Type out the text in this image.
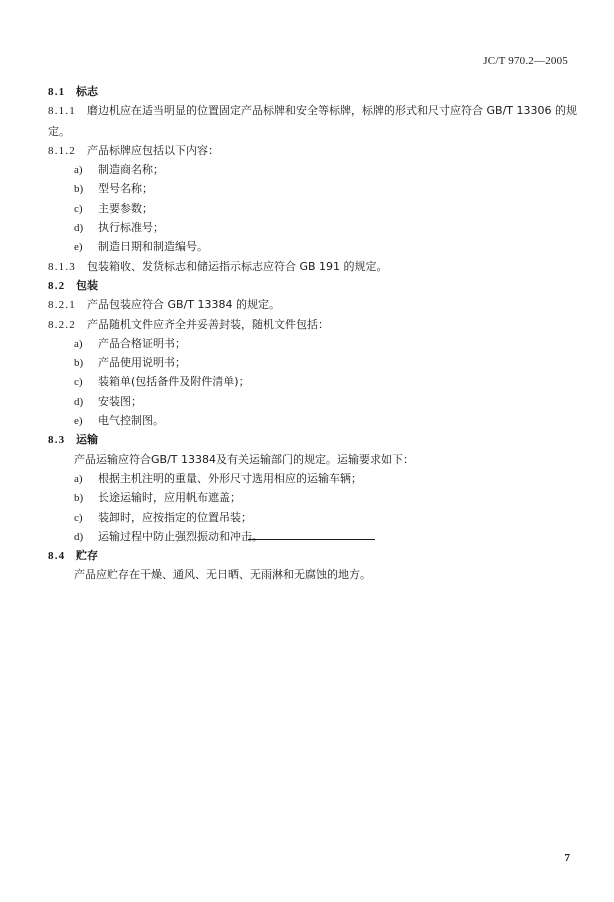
JC/T 970.2—2005
8.1 标志
8.1.1 磨边机应在适当明显的位置固定产品标牌和安全等标牌，标牌的形式和尺寸应符合 GB/T 13306 的规定。
8.1.2 产品标牌应包括以下内容：
a) 制造商名称；
b) 型号名称；
c) 主要参数；
d) 执行标准号；
e) 制造日期和制造编号。
8.1.3 包装箱收、发货标志和储运指示标志应符合 GB 191 的规定。
8.2 包装
8.2.1 产品包装应符合 GB/T 13384 的规定。
8.2.2 产品随机文件应齐全并妥善封装，随机文件包括：
a) 产品合格证明书；
b) 产品使用说明书；
c) 装箱单(包括备件及附件清单)；
d) 安装图；
e) 电气控制图。
8.3 运输
产品运输应符合GB/T 13384及有关运输部门的规定。运输要求如下：
a) 根据主机注明的重量、外形尺寸选用相应的运输车辆；
b) 长途运输时，应用帆布遮盖；
c) 装卸时，应按指定的位置吊装；
d) 运输过程中防止强烈振动和冲击。
8.4 贮存
产品应贮存在干燥、通风、无日晒、无雨淋和无腐蚀的地方。
7
